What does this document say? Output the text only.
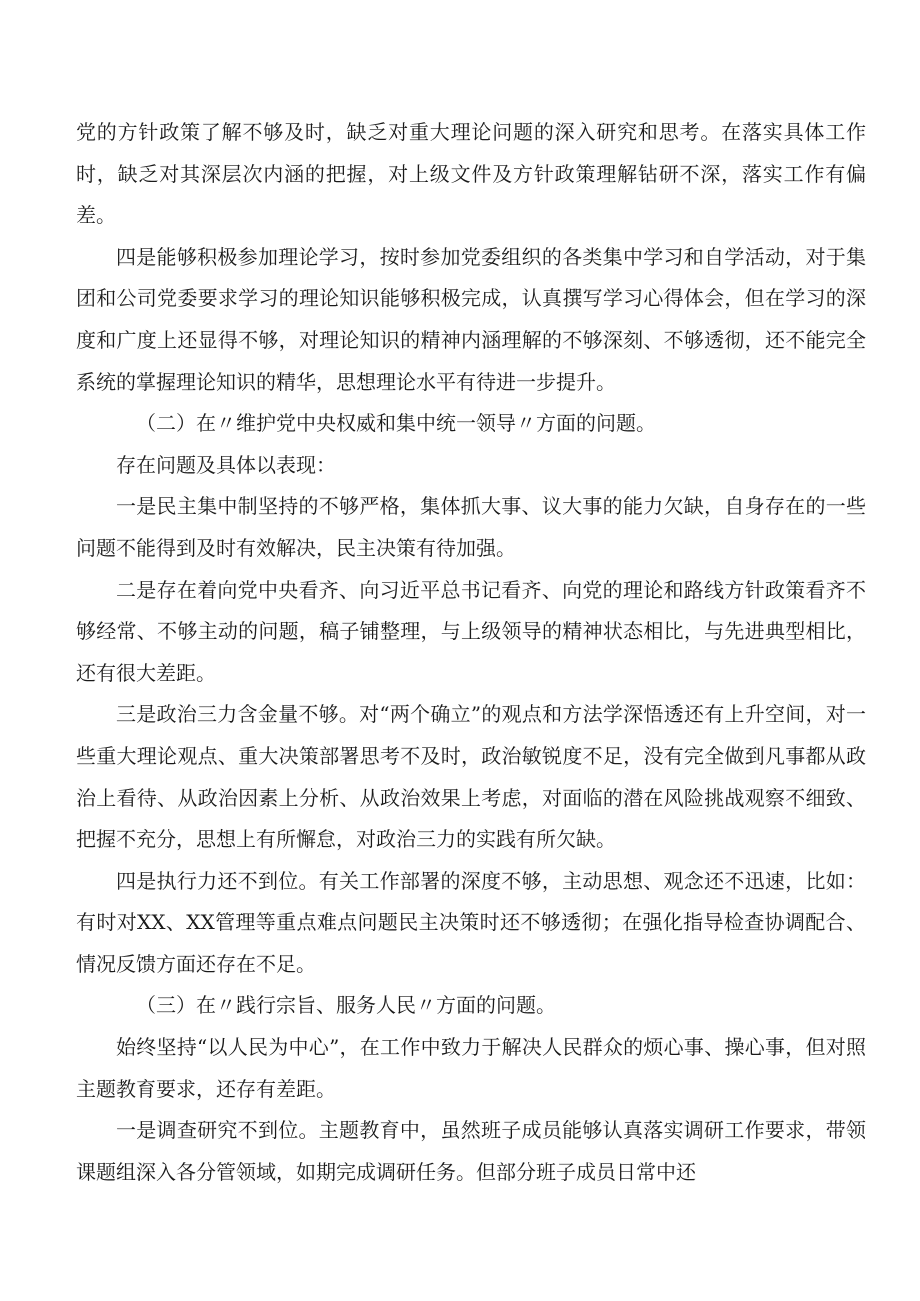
党的方针政策了解不够及时，缺乏对重大理论问题的深入研究和思考。在落实具体工作时，缺乏对其深层次内涵的把握，对上级文件及方针政策理解钻研不深，落实工作有偏差。

四是能够积极参加理论学习，按时参加党委组织的各类集中学习和自学活动，对于集团和公司党委要求学习的理论知识能够积极完成，认真撰写学习心得体会，但在学习的深度和广度上还显得不够，对理论知识的精神内涵理解的不够深刻、不够透彻，还不能完全系统的掌握理论知识的精华，思想理论水平有待进一步提升。

（二）在〃维护党中央权威和集中统一领导〃方面的问题。

存在问题及具体以表现：

一是民主集中制坚持的不够严格，集体抓大事、议大事的能力欠缺，自身存在的一些问题不能得到及时有效解决，民主决策有待加强。

二是存在着向党中央看齐、向习近平总书记看齐、向党的理论和路线方针政策看齐不够经常、不够主动的问题，稿子铺整理，与上级领导的精神状态相比，与先进典型相比，还有很大差距。

三是政治三力含金量不够。对“两个确立”的观点和方法学深悟透还有上升空间，对一些重大理论观点、重大决策部署思考不及时，政治敏锐度不足，没有完全做到凡事都从政治上看待、从政治因素上分析、从政治效果上考虑，对面临的潜在风险挑战观察不细致、把握不充分，思想上有所懈怠，对政治三力的实践有所欠缺。

四是执行力还不到位。有关工作部署的深度不够，主动思想、观念还不迅速，比如：有时对XX、XX管理等重点难点问题民主决策时还不够透彻；在强化指导检查协调配合、情况反馈方面还存在不足。

（三）在〃践行宗旨、服务人民〃方面的问题。

始终坚持“以人民为中心”，在工作中致力于解决人民群众的烦心事、操心事，但对照主题教育要求，还存有差距。

一是调查研究不到位。主题教育中，虽然班子成员能够认真落实调研工作要求，带领课题组深入各分管领域，如期完成调研任务。但部分班子成员日常中还
